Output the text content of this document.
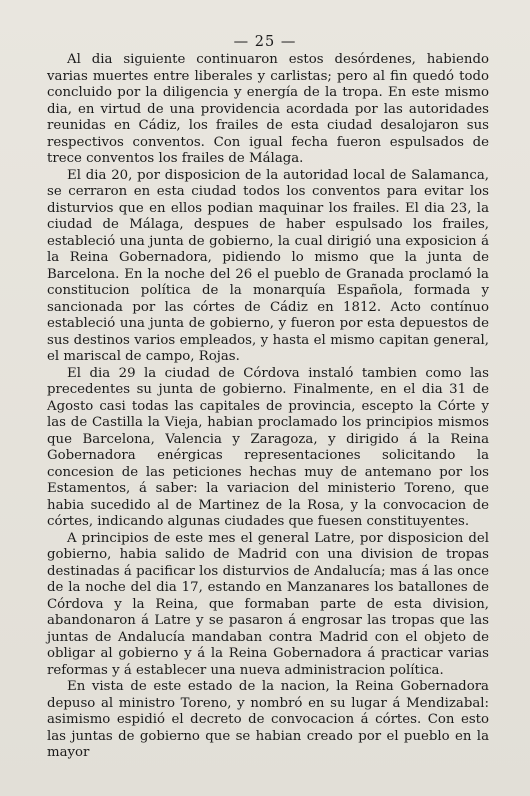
— 25 —

Al dia siguiente continuaron estos desórdenes, habiendo varias muertes entre liberales y carlistas; pero al fin quedó todo concluido por la diligencia y energía de la tropa. En este mismo dia, en virtud de una providencia acordada por las autoridades reunidas en Cádiz, los frailes de esta ciudad desalojaron sus respectivos conventos. Con igual fecha fueron espulsados de trece conventos los frailes de Málaga.

El dia 20, por disposicion de la autoridad local de Salamanca, se cerraron en esta ciudad todos los conventos para evitar los disturvios que en ellos podian maquinar los frailes. El dia 23, la ciudad de Málaga, despues de haber espulsado los frailes, estableció una junta de gobierno, la cual dirigió una exposicion á la Reina Gobernadora, pidiendo lo mismo que la junta de Barcelona. En la noche del 26 el pueblo de Granada proclamó la constitucion política de la monarquía Española, formada y sancionada por las córtes de Cádiz en 1812. Acto contínuo estableció una junta de gobierno, y fueron por esta depuestos de sus destinos varios empleados, y hasta el mismo capitan general, el mariscal de campo, Rojas.

El dia 29 la ciudad de Córdova instaló tambien como las precedentes su junta de gobierno. Finalmente, en el dia 31 de Agosto casi todas las capitales de provincia, escepto la Córte y las de Castilla la Vieja, habian proclamado los principios mismos que Barcelona, Valencia y Zaragoza, y dirigido á la Reina Gobernadora enérgicas representaciones solicitando la concesion de las peticiones hechas muy de antemano por los Estamentos, á saber: la variacion del ministerio Toreno, que habia sucedido al de Martinez de la Rosa, y la convocacion de córtes, indicando algunas ciudades que fuesen constituyentes.

A principios de este mes el general Latre, por disposicion del gobierno, habia salido de Madrid con una division de tropas destinadas á pacificar los disturvios de Andalucía; mas á las once de la noche del dia 17, estando en Manzanares los batallones de Córdova y la Reina, que formaban parte de esta division, abandonaron á Latre y se pasaron á engrosar las tropas que las juntas de Andalucía mandaban contra Madrid con el objeto de obligar al gobierno y á la Reina Gobernadora á practicar varias reformas y á establecer una nueva administracion política.

En vista de este estado de la nacion, la Reina Gobernadora depuso al ministro Toreno, y nombró en su lugar á Mendizabal: asimismo espidió el decreto de convocacion á córtes. Con esto las juntas de gobierno que se habian creado por el pueblo en la mayor
